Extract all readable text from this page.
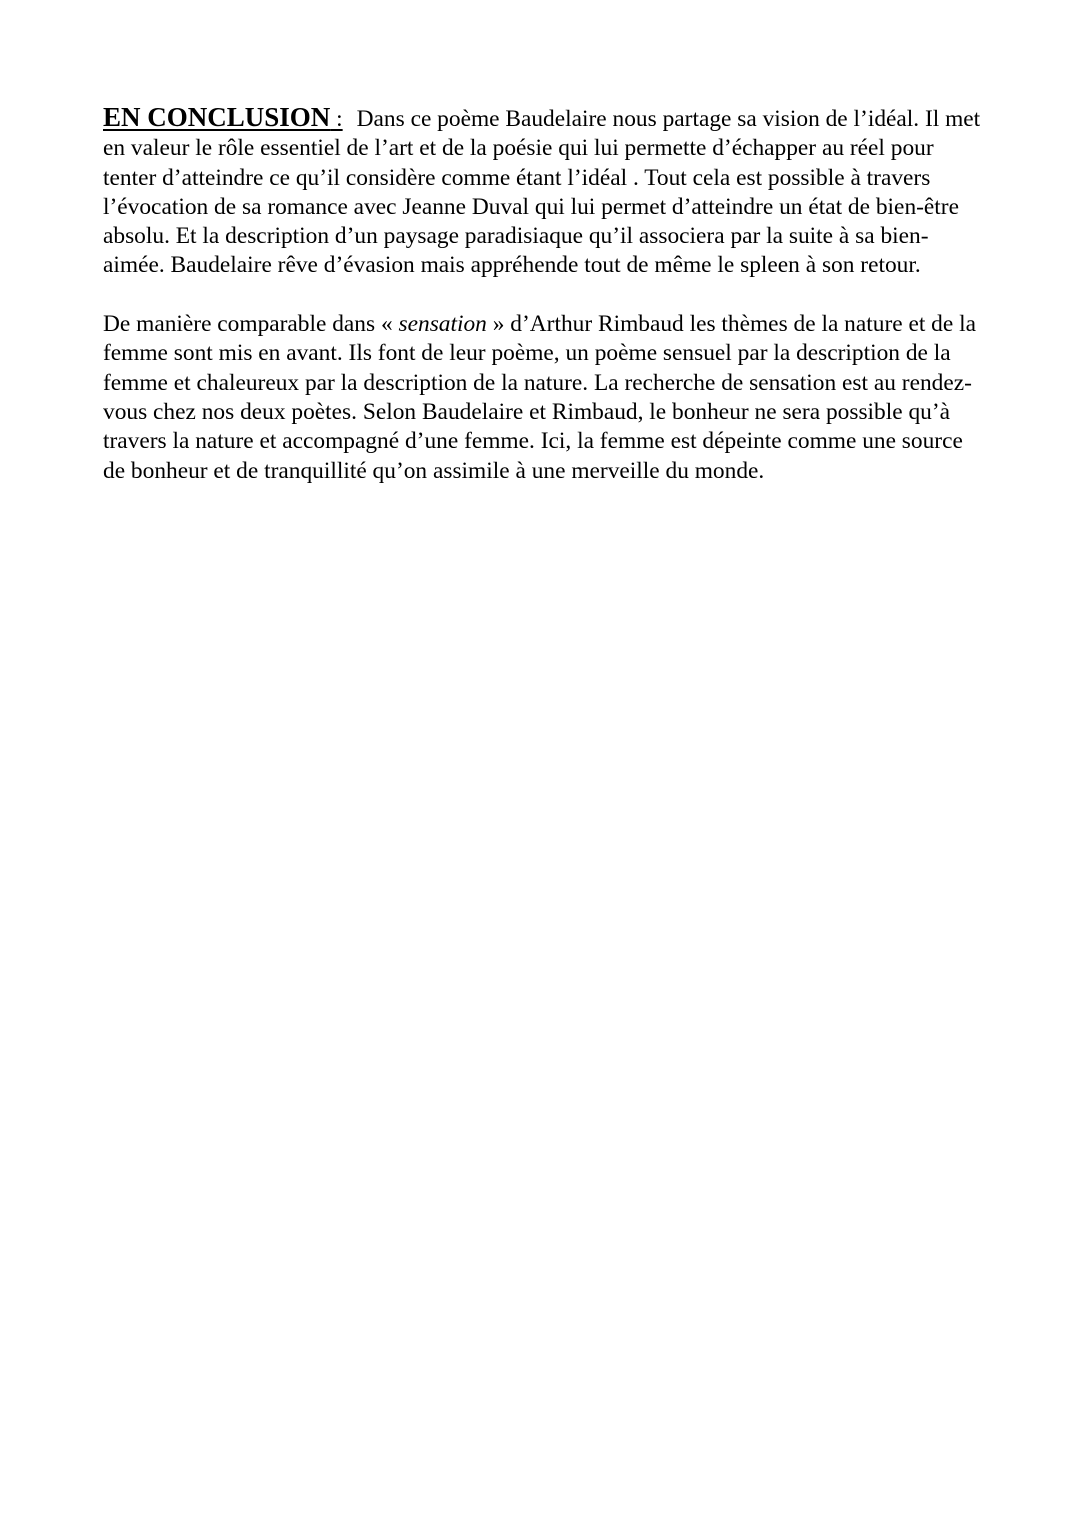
EN CONCLUSION : Dans ce poème Baudelaire nous partage sa vision de l’idéal. Il met en valeur le rôle essentiel de l’art et de la poésie qui lui permette d’échapper au réel pour tenter d’atteindre ce qu’il considère comme étant l’idéal . Tout cela est possible à travers l’évocation de sa romance avec Jeanne Duval qui lui permet d’atteindre un état de bien-être absolu. Et la description d’un paysage paradisiaque qu’il associera par la suite à sa bien-aimée. Baudelaire rêve d’évasion mais appréhende tout de même le spleen à son retour.

De manière comparable dans « sensation » d’Arthur Rimbaud les thèmes de la nature et de la femme sont mis en avant. Ils font de leur poème, un poème sensuel par la description de la femme et chaleureux par la description de la nature. La recherche de sensation est au rendez-vous chez nos deux poètes. Selon Baudelaire et Rimbaud, le bonheur ne sera possible qu’à travers la nature et accompagné d’une femme. Ici, la femme est dépeinte comme une source de bonheur et de tranquillité qu’on assimile à une merveille du monde.
